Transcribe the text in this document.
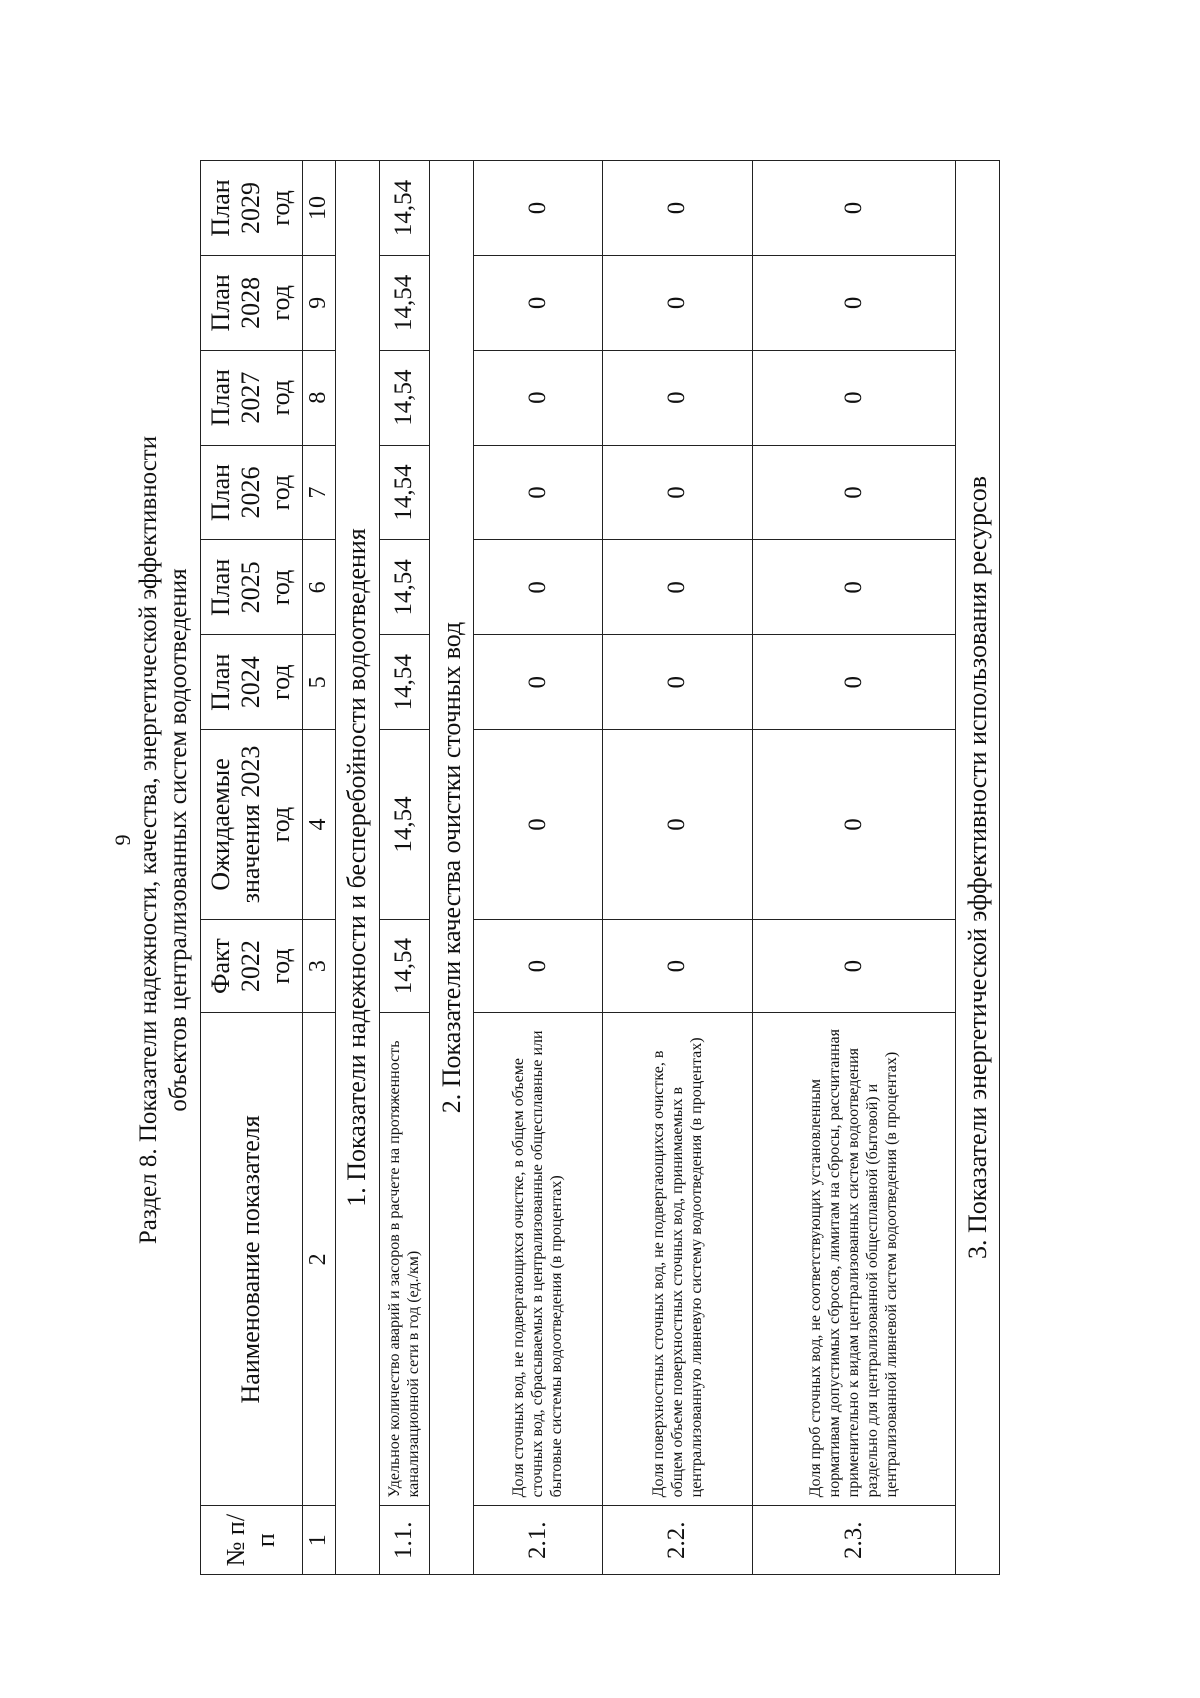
9 Раздел 8. Показатели надежности, качества, энергетической эффективности объектов централизованных систем водоотведения
№ п/п	Наименование показателя	Факт 2022 год	Ожидаемые значения 2023 год	План 2024 год	План 2025 год	План 2026 год	План 2027 год	План 2028 год	План 2029 год
1	2	3	4	5	6	7	8	9	10
1. Показатели надежности и бесперебойности водоотведения									
1.1.	Удельное количество аварий и засоров в расчете на протяженность канализационной сети в год (ед./км)	14,54	14,54	14,54	14,54	14,54	14,54	14,54	14,54
2. Показатели качества очистки сточных вод									
2.1.	Доля сточных вод, не подвергающихся очистке, в общем объеме сточных вод, сбрасываемых в централизованные общесплавные или бытовые системы водоотведения (в процентах)	0	0	0	0	0	0	0	0
2.2.	Доля поверхностных сточных вод, не подвергающихся очистке, в общем объеме поверхностных сточных вод, принимаемых в централизованную ливневую систему водоотведения (в процентах)	0	0	0	0	0	0	0	0
2.3.	Доля проб сточных вод, не соответствующих установленным нормативам допустимых сбросов, лимитам на сбросы, рассчитанная применительно к видам централизованных систем водоотведения раздельно для централизованной общесплавной (бытовой) и централизованной ливневой систем водоотведения (в процентах)	0	0	0	0	0	0	0	0
3. Показатели энергетической эффективности использования ресурсов									
